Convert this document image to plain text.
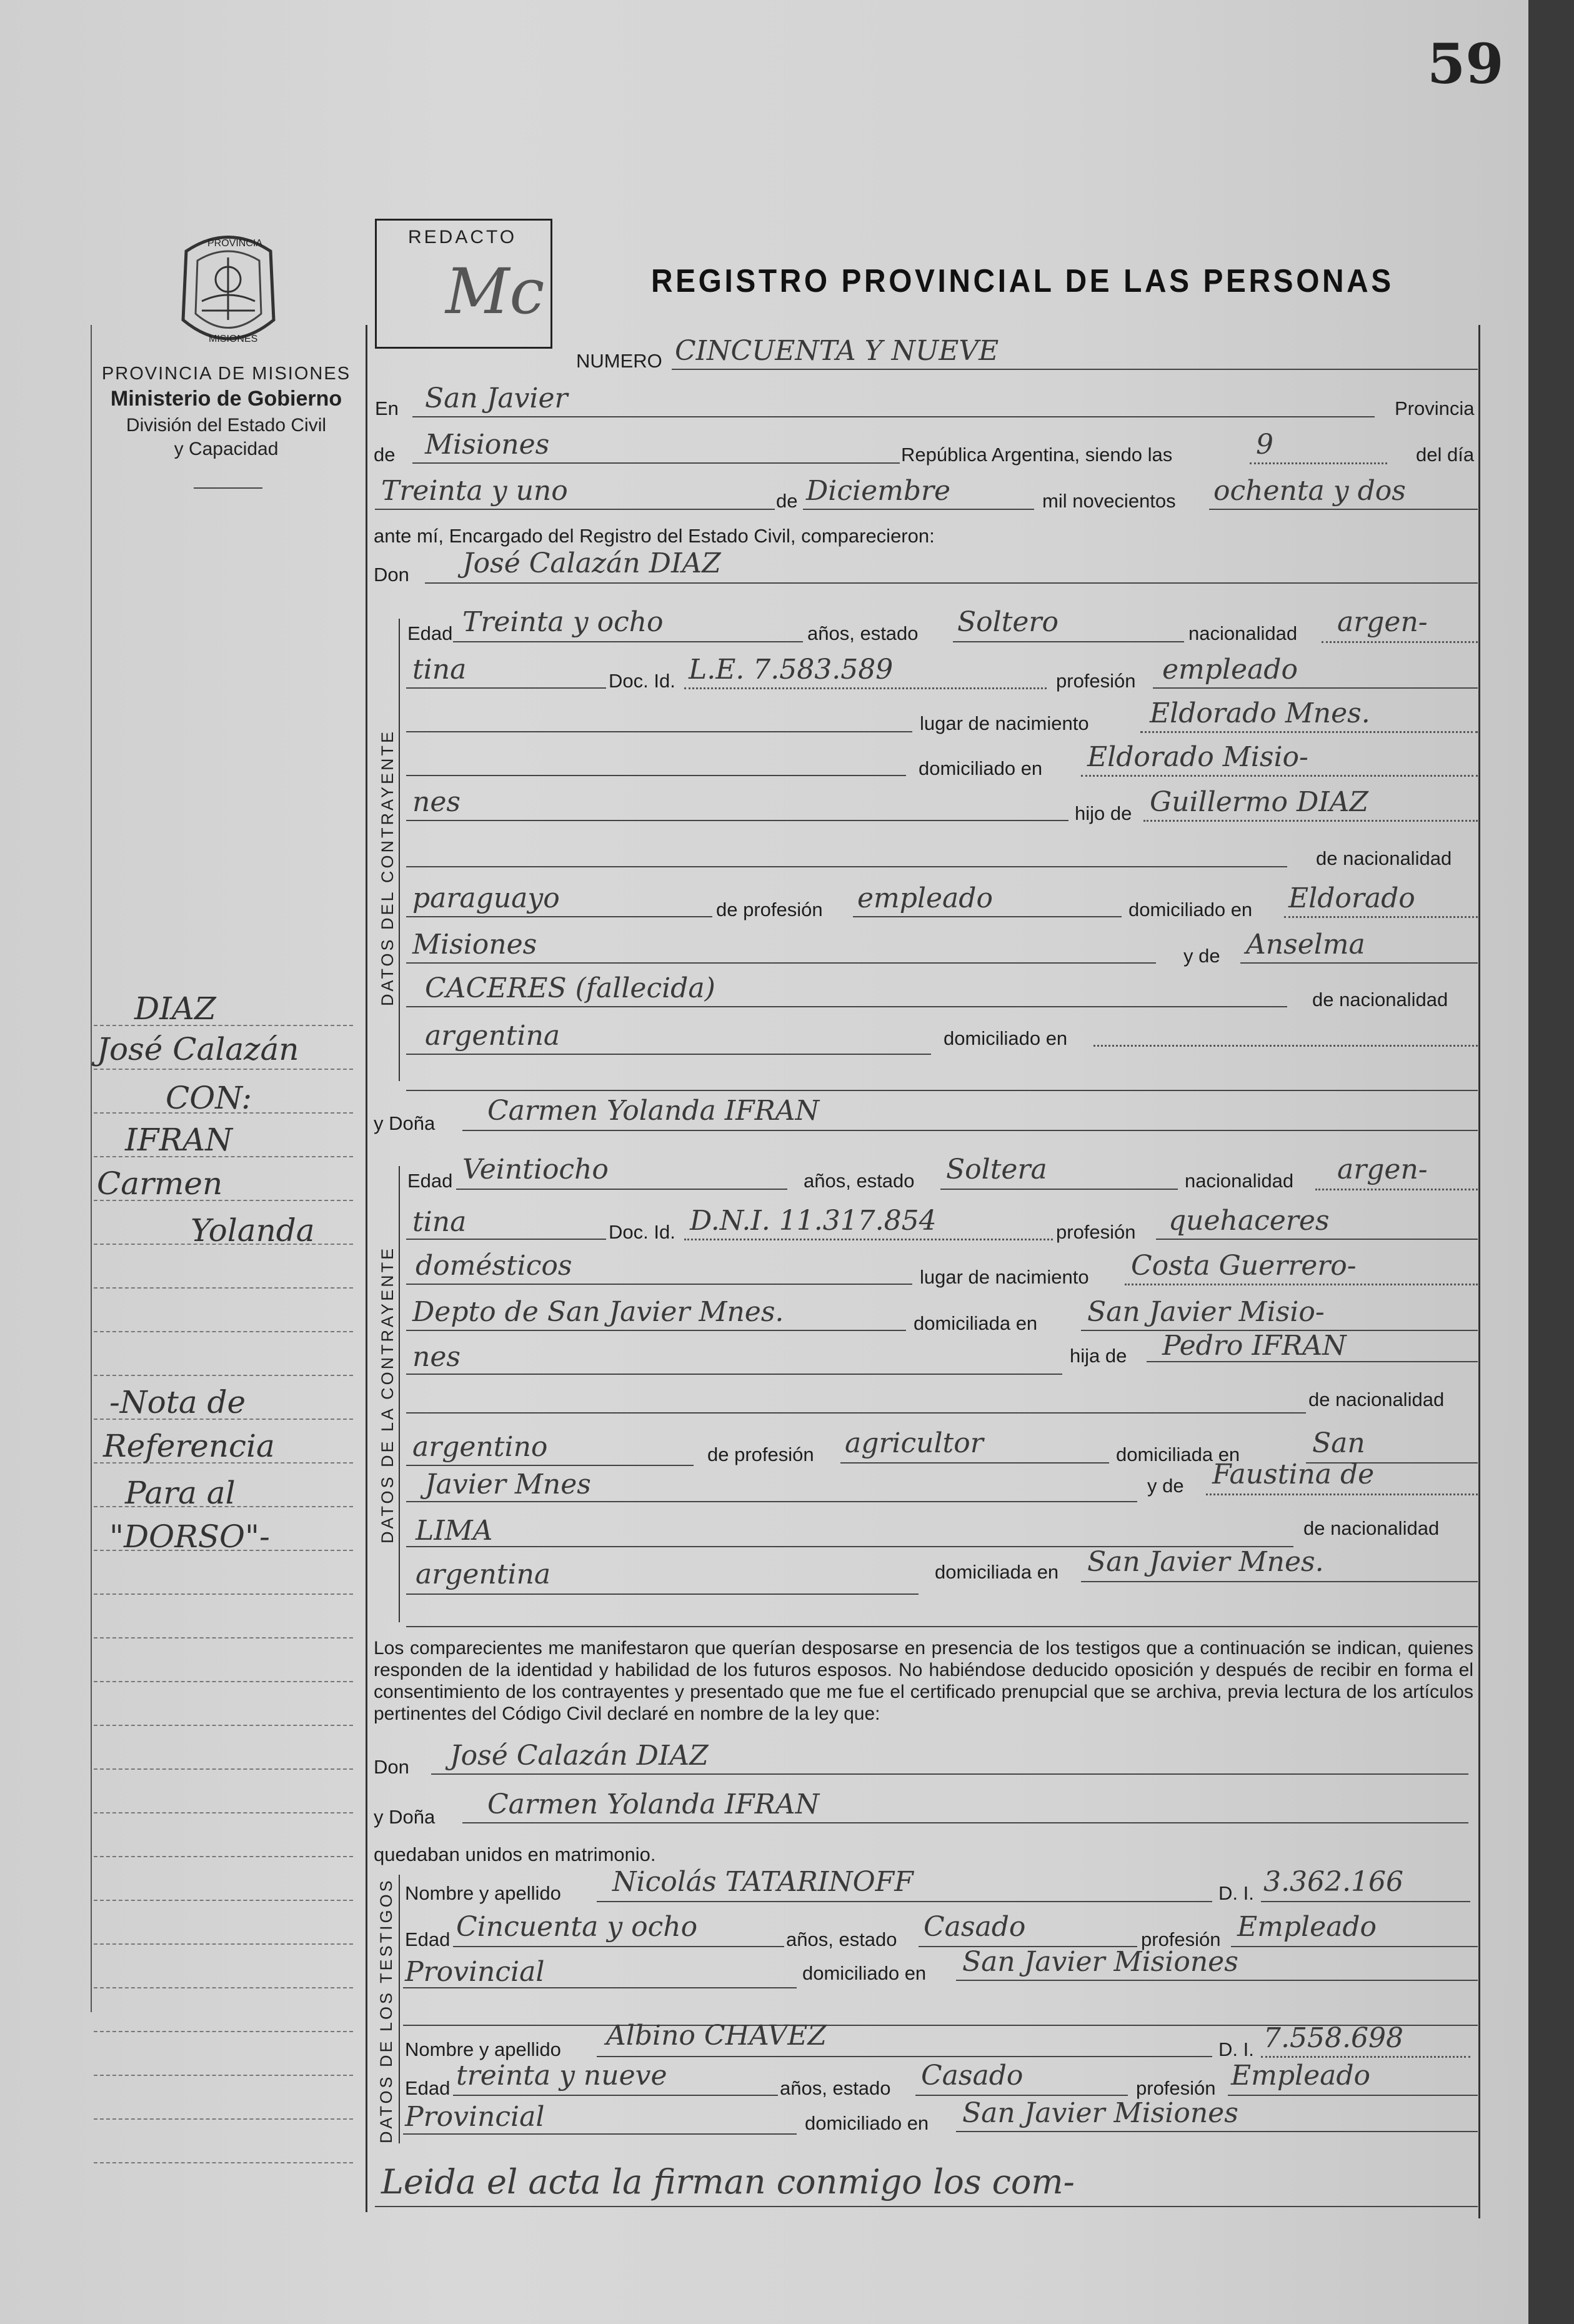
59
PROVINCIA
MISIONES
PROVINCIA DE MISIONES
Ministerio de Gobierno
División del Estado Civil
y Capacidad
REDACTO
Mc	REGISTRO PROVINCIAL DE LAS PERSONAS
NUMERO CINCUENTA Y NUEVE
En San Javier	Provincia
de Misiones	República Argentina, siendo las	9	del día
Treinta y uno	de Diciembre	mil novecientos ochenta y dos
ante mí, Encargado del Registro del Estado Civil, comparecieron:
Don José Calazán DIAZ
DATOS DEL CONTRAYENTE
Edad Treinta y ocho	años, estado Soltero	nacionalidad argen-
tina	Doc. Id. L.E. 7.583.589	profesión empleado
lugar de nacimiento Eldorado Mnes.
domiciliado en Eldorado Misio-
nes	hijo de Guillermo DIAZ
de nacionalidad
paraguayo	de profesión empleado	domiciliado en Eldorado
Misiones	y de Anselma
CACERES (fallecida)	de nacionalidad
argentina	domiciliado en
y Doña Carmen Yolanda IFRAN
DATOS DE LA CONTRAYENTE
Edad Veintiocho	años, estado Soltera	nacionalidad argen-
tina	Doc. Id. D.N.I. 11.317.854	profesión quehaceres
domésticos	lugar de nacimiento Costa Guerrero-
Depto de San Javier Mnes.	domiciliada en San Javier Misio-
nes	hija de Pedro IFRAN
de nacionalidad
argentino	de profesión agricultor	domiciliada en	San
Javier Mnes	y de Faustina de
LIMA	de nacionalidad
argentina	domiciliada en San Javier Mnes.
Los comparecientes me manifestaron que querían desposarse en presencia de los testigos que a continuación se indican, quienes responden de la identidad y habilidad de los futuros esposos. No habiéndose deducido oposición y después de recibir en forma el consentimiento de los contrayentes y presentado que me fue el certificado prenupcial que se archiva, previa lectura de los artículos pertinentes del Código Civil declaré en nombre de la ley que:
Don José Calazán DIAZ
y Doña Carmen Yolanda IFRAN
quedaban unidos en matrimonio.
DATOS DE LOS TESTIGOS Nombre y apellido Nicolás TATARINOFF	D. I. 3.362.166
Edad Cincuenta y ocho	años, estado Casado	profesión Empleado
Provincial	domiciliado en San Javier Misiones
Nombre y apellido Albino CHAVEZ	D. I. 7.558.698
Edad treinta y nueve	años, estado Casado	profesión Empleado
Provincial	domiciliado en San Javier Misiones
Leida el acta la firman conmigo los com-
DIAZ
José Calazán
CON:
IFRAN
Carmen
Yolanda
-Nota de
Referencia
Para al
"DORSO"-
